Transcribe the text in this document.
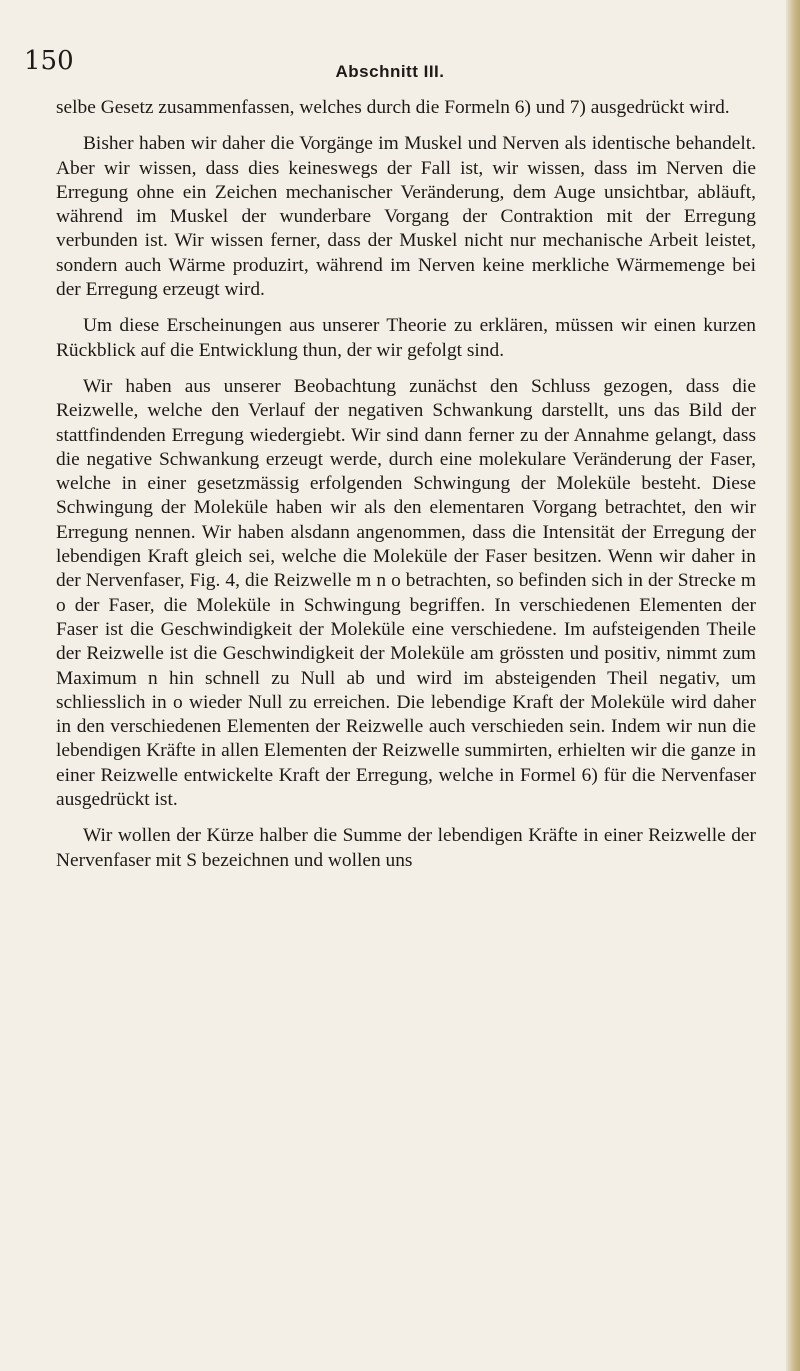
150	Abschnitt III.

selbe Gesetz zusammenfassen, welches durch die Formeln 6) und 7) ausgedrückt wird.

Bisher haben wir daher die Vorgänge im Muskel und Nerven als identische behandelt. Aber wir wissen, dass dies keineswegs der Fall ist, wir wissen, dass im Nerven die Erregung ohne ein Zeichen mechanischer Veränderung, dem Auge unsichtbar, abläuft, während im Muskel der wunderbare Vorgang der Contraktion mit der Erregung verbunden ist. Wir wissen ferner, dass der Muskel nicht nur mechanische Arbeit leistet, sondern auch Wärme produzirt, während im Nerven keine merkliche Wärmemenge bei der Erregung erzeugt wird.

Um diese Erscheinungen aus unserer Theorie zu erklären, müssen wir einen kurzen Rückblick auf die Entwicklung thun, der wir gefolgt sind.

Wir haben aus unserer Beobachtung zunächst den Schluss gezogen, dass die Reizwelle, welche den Verlauf der negativen Schwankung darstellt, uns das Bild der stattfindenden Erregung wiedergiebt. Wir sind dann ferner zu der Annahme gelangt, dass die negative Schwankung erzeugt werde, durch eine molekulare Veränderung der Faser, welche in einer gesetzmässig erfolgenden Schwingung der Moleküle besteht. Diese Schwingung der Moleküle haben wir als den elementaren Vorgang betrachtet, den wir Erregung nennen. Wir haben alsdann angenommen, dass die Intensität der Erregung der lebendigen Kraft gleich sei, welche die Moleküle der Faser besitzen. Wenn wir daher in der Nervenfaser, Fig. 4, die Reizwelle m n o betrachten, so befinden sich in der Strecke m o der Faser, die Moleküle in Schwingung begriffen. In verschiedenen Elementen der Faser ist die Geschwindigkeit der Moleküle eine verschiedene. Im aufsteigenden Theile der Reizwelle ist die Geschwindigkeit der Moleküle am grössten und positiv, nimmt zum Maximum n hin schnell zu Null ab und wird im absteigenden Theil negativ, um schliesslich in o wieder Null zu erreichen. Die lebendige Kraft der Moleküle wird daher in den verschiedenen Elementen der Reizwelle auch verschieden sein. Indem wir nun die lebendigen Kräfte in allen Elementen der Reizwelle summirten, erhielten wir die ganze in einer Reizwelle entwickelte Kraft der Erregung, welche in Formel 6) für die Nervenfaser ausgedrückt ist.

Wir wollen der Kürze halber die Summe der lebendigen Kräfte in einer Reizwelle der Nervenfaser mit S bezeichnen und wollen uns
